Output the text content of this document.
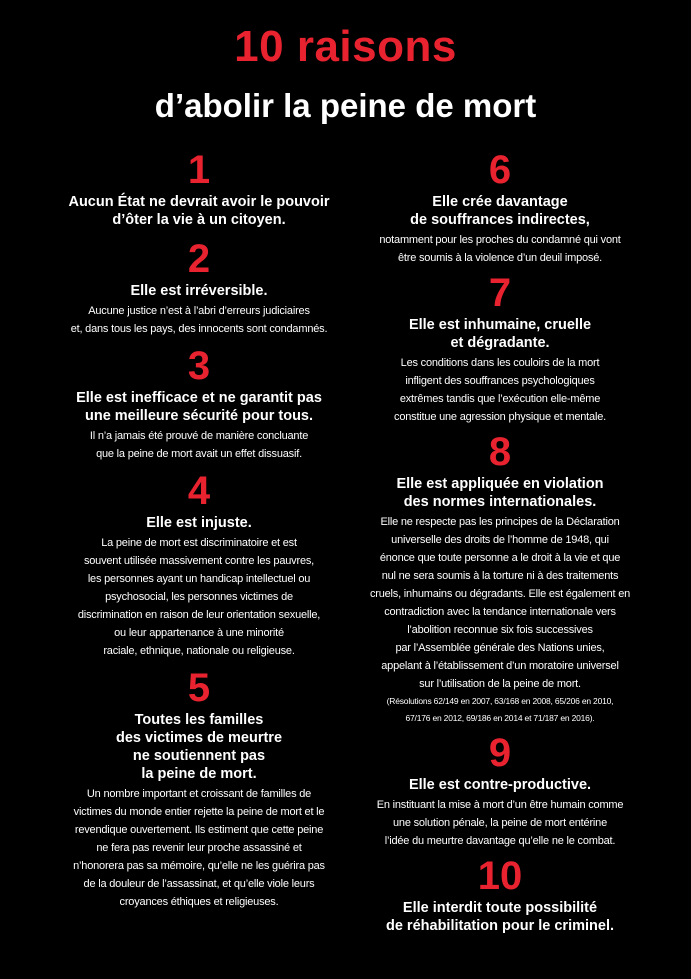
10 raisons
d’abolir la peine de mort
1
Aucun État ne devrait avoir le pouvoir
d’ôter la vie à un citoyen.
2
Elle est irréversible.
Aucune justice n’est à l’abri d’erreurs judiciaires
et, dans tous les pays, des innocents sont condamnés.
3
Elle est inefficace et ne garantit pas
une meilleure sécurité pour tous.
Il n’a jamais été prouvé de manière concluante
que la peine de mort avait un effet dissuasif.
4
Elle est injuste.
La peine de mort est discriminatoire et est
souvent utilisée massivement contre les pauvres,
les personnes ayant un handicap intellectuel ou
psychosocial, les personnes victimes de
discrimination en raison de leur orientation sexuelle,
ou leur appartenance à une minorité
raciale, ethnique, nationale ou religieuse.
5
Toutes les familles
des victimes de meurtre
ne soutiennent pas
la peine de mort.
Un nombre important et croissant de familles de
victimes du monde entier rejette la peine de mort et le
revendique ouvertement. Ils estiment que cette peine
ne fera pas revenir leur proche assassiné et
n’honorera pas sa mémoire, qu’elle ne les guérira pas
de la douleur de l’assassinat, et qu’elle viole leurs
croyances éthiques et religieuses.
6
Elle crée davantage
de souffrances indirectes,
notamment pour les proches du condamné qui vont
être soumis à la violence d’un deuil imposé.
7
Elle est inhumaine, cruelle
et dégradante.
Les conditions dans les couloirs de la mort
infligent des souffrances psychologiques
extrêmes tandis que l’exécution elle-même
constitue une agression physique et mentale.
8
Elle est appliquée en violation
des normes internationales.
Elle ne respecte pas les principes de la Déclaration
universelle des droits de l’homme de 1948, qui
énonce que toute personne a le droit à la vie et que
nul ne sera soumis à la torture ni à des traitements
cruels, inhumains ou dégradants. Elle est également en
contradiction avec la tendance internationale vers
l’abolition reconnue six fois successives
par l’Assemblée générale des Nations unies,
appelant à l’établissement d’un moratoire universel
sur l’utilisation de la peine de mort.
(Résolutions 62/149 en 2007, 63/168 en 2008, 65/206 en 2010,
67/176 en 2012, 69/186 en 2014 et 71/187 en 2016).
9
Elle est contre-productive.
En instituant la mise à mort d’un être humain comme
une solution pénale, la peine de mort entérine
l’idée du meurtre davantage qu’elle ne le combat.
10
Elle interdit toute possibilité
de réhabilitation pour le criminel.
